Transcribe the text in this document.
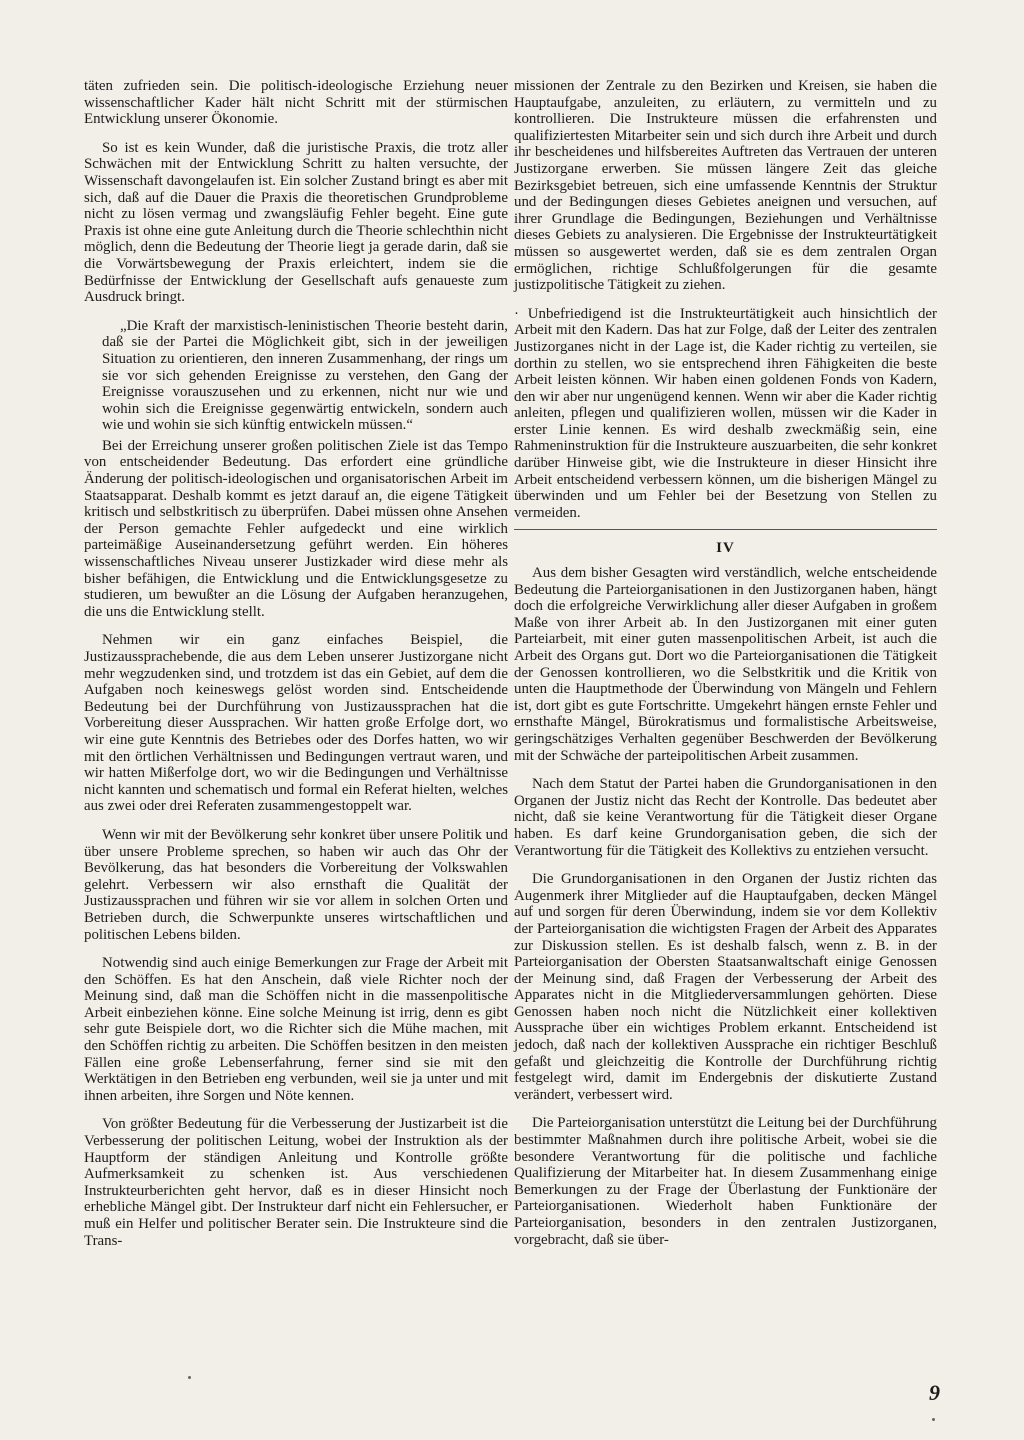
täten zufrieden sein. Die politisch-ideologische Erziehung neuer wissenschaftlicher Kader hält nicht Schritt mit der stürmischen Entwicklung unserer Ökonomie.

So ist es kein Wunder, daß die juristische Praxis, die trotz aller Schwächen mit der Entwicklung Schritt zu halten versuchte, der Wissenschaft davongelaufen ist. Ein solcher Zustand bringt es aber mit sich, daß auf die Dauer die Praxis die theoretischen Grundprobleme nicht zu lösen vermag und zwangsläufig Fehler begeht. Eine gute Praxis ist ohne eine gute Anleitung durch die Theorie schlechthin nicht möglich, denn die Bedeutung der Theorie liegt ja gerade darin, daß sie die Vorwärtsbewegung der Praxis erleichtert, indem sie die Bedürfnisse der Entwicklung der Gesellschaft aufs genaueste zum Ausdruck bringt.

„Die Kraft der marxistisch-leninistischen Theorie besteht darin, daß sie der Partei die Möglichkeit gibt, sich in der jeweiligen Situation zu orientieren, den inneren Zusammenhang, der rings um sie vor sich gehenden Ereignisse zu verstehen, den Gang der Ereignisse vorauszusehen und zu erkennen, nicht nur wie und wohin sich die Ereignisse gegenwärtig entwickeln, sondern auch wie und wohin sie sich künftig entwickeln müssen.“

Bei der Erreichung unserer großen politischen Ziele ist das Tempo von entscheidender Bedeutung. Das erfordert eine gründliche Änderung der politisch-ideologischen und organisatorischen Arbeit im Staatsapparat. Deshalb kommt es jetzt darauf an, die eigene Tätigkeit kritisch und selbstkritisch zu überprüfen. Dabei müssen ohne Ansehen der Person gemachte Fehler aufgedeckt und eine wirklich parteimäßige Auseinandersetzung geführt werden. Ein höheres wissenschaftliches Niveau unserer Justizkader wird diese mehr als bisher befähigen, die Entwicklung und die Entwicklungsgesetze zu studieren, um bewußter an die Lösung der Aufgaben heranzugehen, die uns die Entwicklung stellt.

Nehmen wir ein ganz einfaches Beispiel, die Justizaussprachebende, die aus dem Leben unserer Justizorgane nicht mehr wegzudenken sind, und trotzdem ist das ein Gebiet, auf dem die Aufgaben noch keineswegs gelöst worden sind. Entscheidende Bedeutung bei der Durchführung von Justizaussprachen hat die Vorbereitung dieser Aussprachen. Wir hatten große Erfolge dort, wo wir eine gute Kenntnis des Betriebes oder des Dorfes hatten, wo wir mit den örtlichen Verhältnissen und Bedingungen vertraut waren, und wir hatten Mißerfolge dort, wo wir die Bedingungen und Verhältnisse nicht kannten und schematisch und formal ein Referat hielten, welches aus zwei oder drei Referaten zusammengestoppelt war.

Wenn wir mit der Bevölkerung sehr konkret über unsere Politik und über unsere Probleme sprechen, so haben wir auch das Ohr der Bevölkerung, das hat besonders die Vorbereitung der Volkswahlen gelehrt. Verbessern wir also ernsthaft die Qualität der Justizaussprachen und führen wir sie vor allem in solchen Orten und Betrieben durch, die Schwerpunkte unseres wirtschaftlichen und politischen Lebens bilden.

Notwendig sind auch einige Bemerkungen zur Frage der Arbeit mit den Schöffen. Es hat den Anschein, daß viele Richter noch der Meinung sind, daß man die Schöffen nicht in die massenpolitische Arbeit einbeziehen könne. Eine solche Meinung ist irrig, denn es gibt sehr gute Beispiele dort, wo die Richter sich die Mühe machen, mit den Schöffen richtig zu arbeiten. Die Schöffen besitzen in den meisten Fällen eine große Lebenserfahrung, ferner sind sie mit den Werktätigen in den Betrieben eng verbunden, weil sie ja unter und mit ihnen arbeiten, ihre Sorgen und Nöte kennen.

Von größter Bedeutung für die Verbesserung der Justizarbeit ist die Verbesserung der politischen Leitung, wobei der Instruktion als der Hauptform der ständigen Anleitung und Kontrolle größte Aufmerksamkeit zu schenken ist. Aus verschiedenen Instrukteurberichten geht hervor, daß es in dieser Hinsicht noch erhebliche Mängel gibt. Der Instrukteur darf nicht ein Fehlersucher, er muß ein Helfer und politischer Berater sein. Die Instrukteure sind die Trans-

missionen der Zentrale zu den Bezirken und Kreisen, sie haben die Hauptaufgabe, anzuleiten, zu erläutern, zu vermitteln und zu kontrollieren. Die Instrukteure müssen die erfahrensten und qualifiziertesten Mitarbeiter sein und sich durch ihre Arbeit und durch ihr bescheidenes und hilfsbereites Auftreten das Vertrauen der unteren Justizorgane erwerben. Sie müssen längere Zeit das gleiche Bezirksgebiet betreuen, sich eine umfassende Kenntnis der Struktur und der Bedingungen dieses Gebietes aneignen und versuchen, auf ihrer Grundlage die Bedingungen, Beziehungen und Verhältnisse dieses Gebiets zu analysieren. Die Ergebnisse der Instrukteurtätigkeit müssen so ausgewertet werden, daß sie es dem zentralen Organ ermöglichen, richtige Schlußfolgerungen für die gesamte justizpolitische Tätigkeit zu ziehen.

· Unbefriedigend ist die Instrukteurtätigkeit auch hinsichtlich der Arbeit mit den Kadern. Das hat zur Folge, daß der Leiter des zentralen Justizorganes nicht in der Lage ist, die Kader richtig zu verteilen, sie dorthin zu stellen, wo sie entsprechend ihren Fähigkeiten die beste Arbeit leisten können. Wir haben einen goldenen Fonds von Kadern, den wir aber nur ungenügend kennen. Wenn wir aber die Kader richtig anleiten, pflegen und qualifizieren wollen, müssen wir die Kader in erster Linie kennen. Es wird deshalb zweckmäßig sein, eine Rahmeninstruktion für die Instrukteure auszuarbeiten, die sehr konkret darüber Hinweise gibt, wie die Instrukteure in dieser Hinsicht ihre Arbeit entscheidend verbessern können, um die bisherigen Mängel zu überwinden und um Fehler bei der Besetzung von Stellen zu vermeiden.

IV

Aus dem bisher Gesagten wird verständlich, welche entscheidende Bedeutung die Parteiorganisationen in den Justizorganen haben, hängt doch die erfolgreiche Verwirklichung aller dieser Aufgaben in großem Maße von ihrer Arbeit ab. In den Justizorganen mit einer guten Parteiarbeit, mit einer guten massenpolitischen Arbeit, ist auch die Arbeit des Organs gut. Dort wo die Parteiorganisationen die Tätigkeit der Genossen kontrollieren, wo die Selbstkritik und die Kritik von unten die Hauptmethode der Überwindung von Mängeln und Fehlern ist, dort gibt es gute Fortschritte. Umgekehrt hängen ernste Fehler und ernsthafte Mängel, Bürokratismus und formalistische Arbeitsweise, geringschätziges Verhalten gegenüber Beschwerden der Bevölkerung mit der Schwäche der parteipolitischen Arbeit zusammen.

Nach dem Statut der Partei haben die Grundorganisationen in den Organen der Justiz nicht das Recht der Kontrolle. Das bedeutet aber nicht, daß sie keine Verantwortung für die Tätigkeit dieser Organe haben. Es darf keine Grundorganisation geben, die sich der Verantwortung für die Tätigkeit des Kollektivs zu entziehen versucht.

Die Grundorganisationen in den Organen der Justiz richten das Augenmerk ihrer Mitglieder auf die Hauptaufgaben, decken Mängel auf und sorgen für deren Überwindung, indem sie vor dem Kollektiv der Parteiorganisation die wichtigsten Fragen der Arbeit des Apparates zur Diskussion stellen. Es ist deshalb falsch, wenn z. B. in der Parteiorganisation der Obersten Staatsanwaltschaft einige Genossen der Meinung sind, daß Fragen der Verbesserung der Arbeit des Apparates nicht in die Mitgliederversammlungen gehörten. Diese Genossen haben noch nicht die Nützlichkeit einer kollektiven Aussprache über ein wichtiges Problem erkannt. Entscheidend ist jedoch, daß nach der kollektiven Aussprache ein richtiger Beschluß gefaßt und gleichzeitig die Kontrolle der Durchführung richtig festgelegt wird, damit im Endergebnis der diskutierte Zustand verändert, verbessert wird.

Die Parteiorganisation unterstützt die Leitung bei der Durchführung bestimmter Maßnahmen durch ihre politische Arbeit, wobei sie die besondere Verantwortung für die politische und fachliche Qualifizierung der Mitarbeiter hat. In diesem Zusammenhang einige Bemerkungen zu der Frage der Überlastung der Funktionäre der Parteiorganisationen. Wiederholt haben Funktionäre der Parteiorganisation, besonders in den zentralen Justizorganen, vorgebracht, daß sie über-

9
